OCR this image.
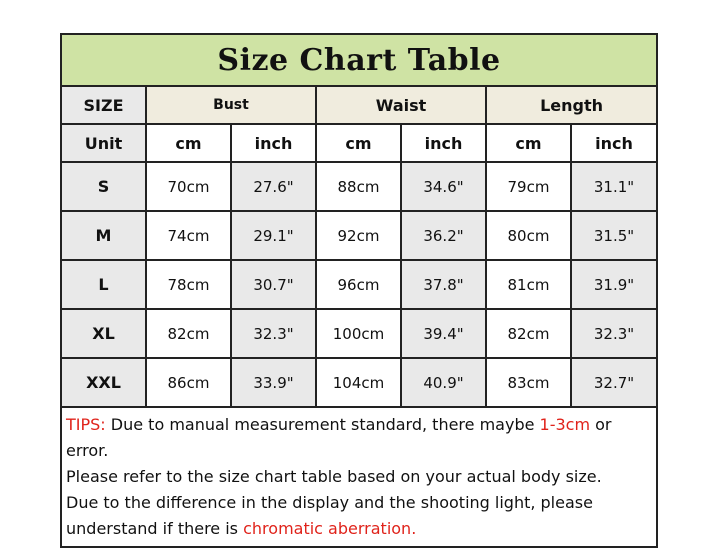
Size Chart Table						
SIZE	Bust		Waist		Length	
Unit	cm	inch	cm	inch	cm	inch
S	70cm	27.6"	88cm	34.6"	79cm	31.1"
M	74cm	29.1"	92cm	36.2"	80cm	31.5"
L	78cm	30.7"	96cm	37.8"	81cm	31.9"
XL	82cm	32.3"	100cm	39.4"	82cm	32.3"
XXL	86cm	33.9"	104cm	40.9"	83cm	32.7"

TIPS: Due to manual measurement standard, there maybe 1-3cm or error.
Please refer to the size chart table based on your actual body size.
Due to the difference in the display and the shooting light, please
understand if there is chromatic aberration.						
